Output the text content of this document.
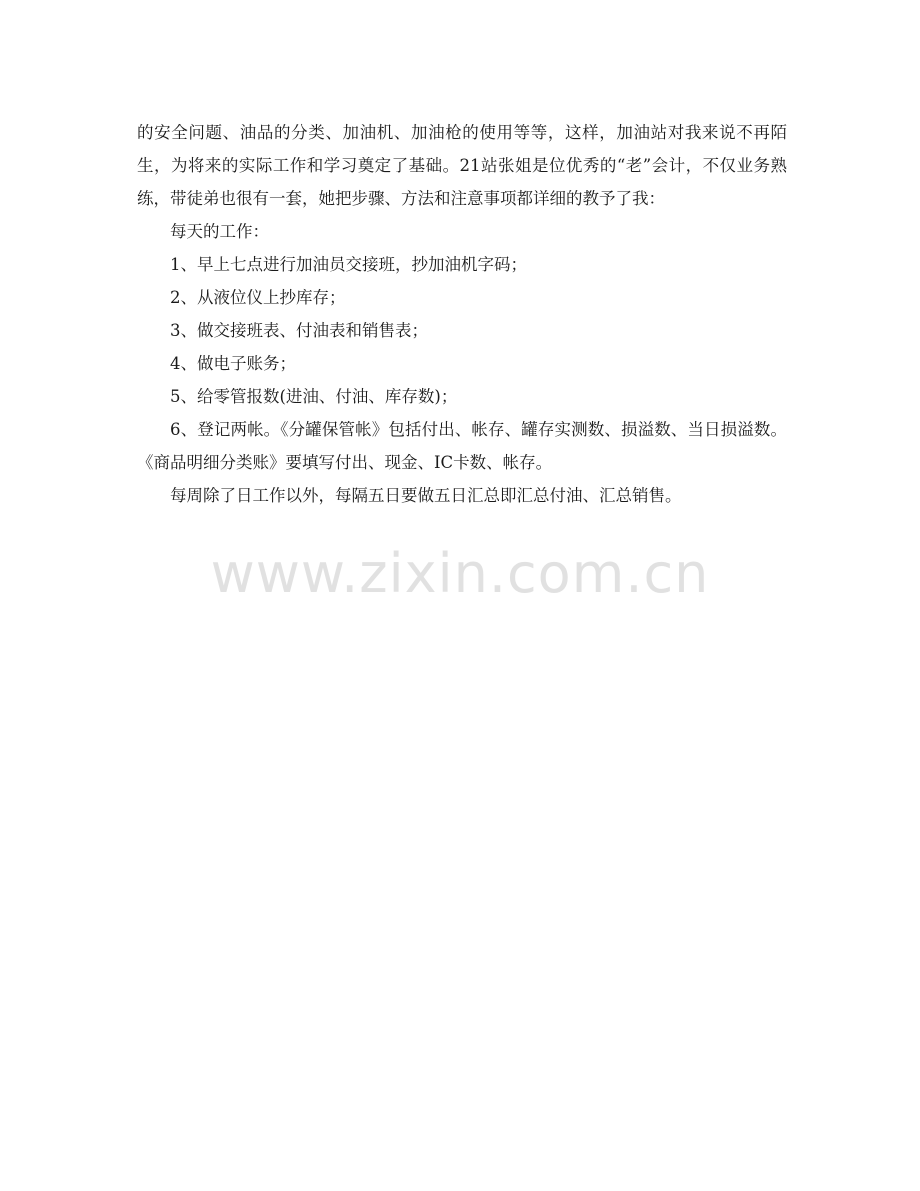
的安全问题、油品的分类、加油机、加油枪的使用等等，这样，加油站对我来说不再陌生，为将来的实际工作和学习奠定了基础。21站张姐是位优秀的“老”会计，不仅业务熟练，带徒弟也很有一套，她把步骤、方法和注意事项都详细的教予了我：

每天的工作：

1、早上七点进行加油员交接班，抄加油机字码；

2、从液位仪上抄库存；

3、做交接班表、付油表和销售表；

4、做电子账务；

5、给零管报数(进油、付油、库存数)；

6、登记两帐。《分罐保管帐》包括付出、帐存、罐存实测数、损溢数、当日损溢数。《商品明细分类账》要填写付出、现金、IC卡数、帐存。

每周除了日工作以外，每隔五日要做五日汇总即汇总付油、汇总销售。

www.zixin.com.cn
